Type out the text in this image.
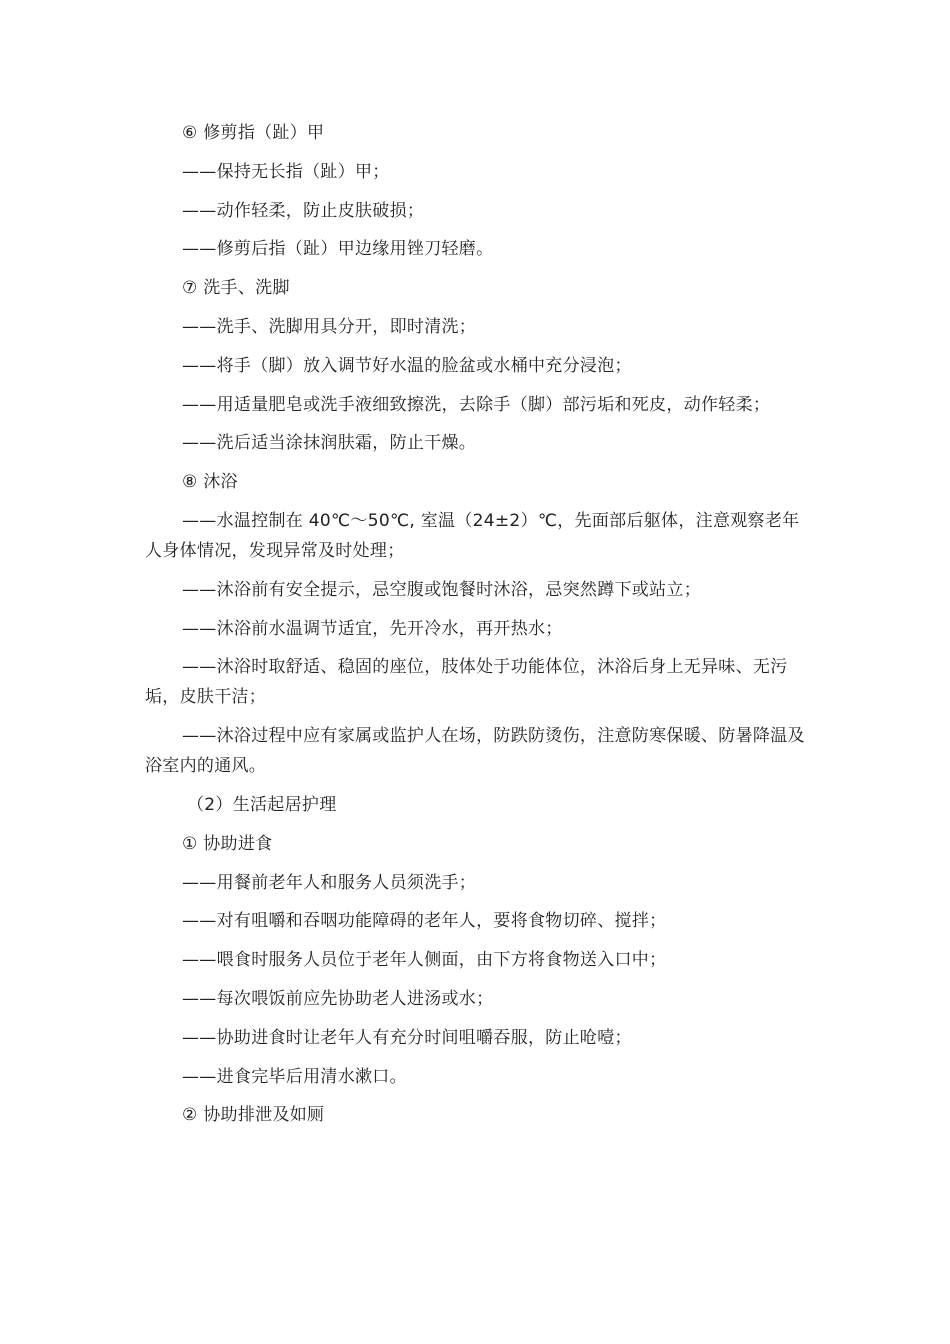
⑥ 修剪指（趾）甲

——保持无长指（趾）甲；

——动作轻柔，防止皮肤破损；

——修剪后指（趾）甲边缘用锉刀轻磨。

⑦ 洗手、洗脚

——洗手、洗脚用具分开，即时清洗；

——将手（脚）放入调节好水温的脸盆或水桶中充分浸泡；

——用适量肥皂或洗手液细致擦洗，去除手（脚）部污垢和死皮，动作轻柔；

——洗后适当涂抹润肤霜，防止干燥。

⑧ 沐浴

——水温控制在 40℃～50℃, 室温（24±2）℃，先面部后躯体，注意观察老年人身体情况，发现异常及时处理；

——沐浴前有安全提示，忌空腹或饱餐时沐浴，忌突然蹲下或站立；

——沐浴前水温调节适宜，先开冷水，再开热水；

——沐浴时取舒适、稳固的座位，肢体处于功能体位，沐浴后身上无异味、无污垢，皮肤干洁；

——沐浴过程中应有家属或监护人在场，防跌防烫伤，注意防寒保暖、防暑降温及浴室内的通风。

（2）生活起居护理

① 协助进食

——用餐前老年人和服务人员须洗手；

——对有咀嚼和吞咽功能障碍的老年人，要将食物切碎、搅拌；

——喂食时服务人员位于老年人侧面，由下方将食物送入口中；

——每次喂饭前应先协助老人进汤或水；

——协助进食时让老年人有充分时间咀嚼吞服，防止呛噎；

——进食完毕后用清水漱口。

② 协助排泄及如厕
